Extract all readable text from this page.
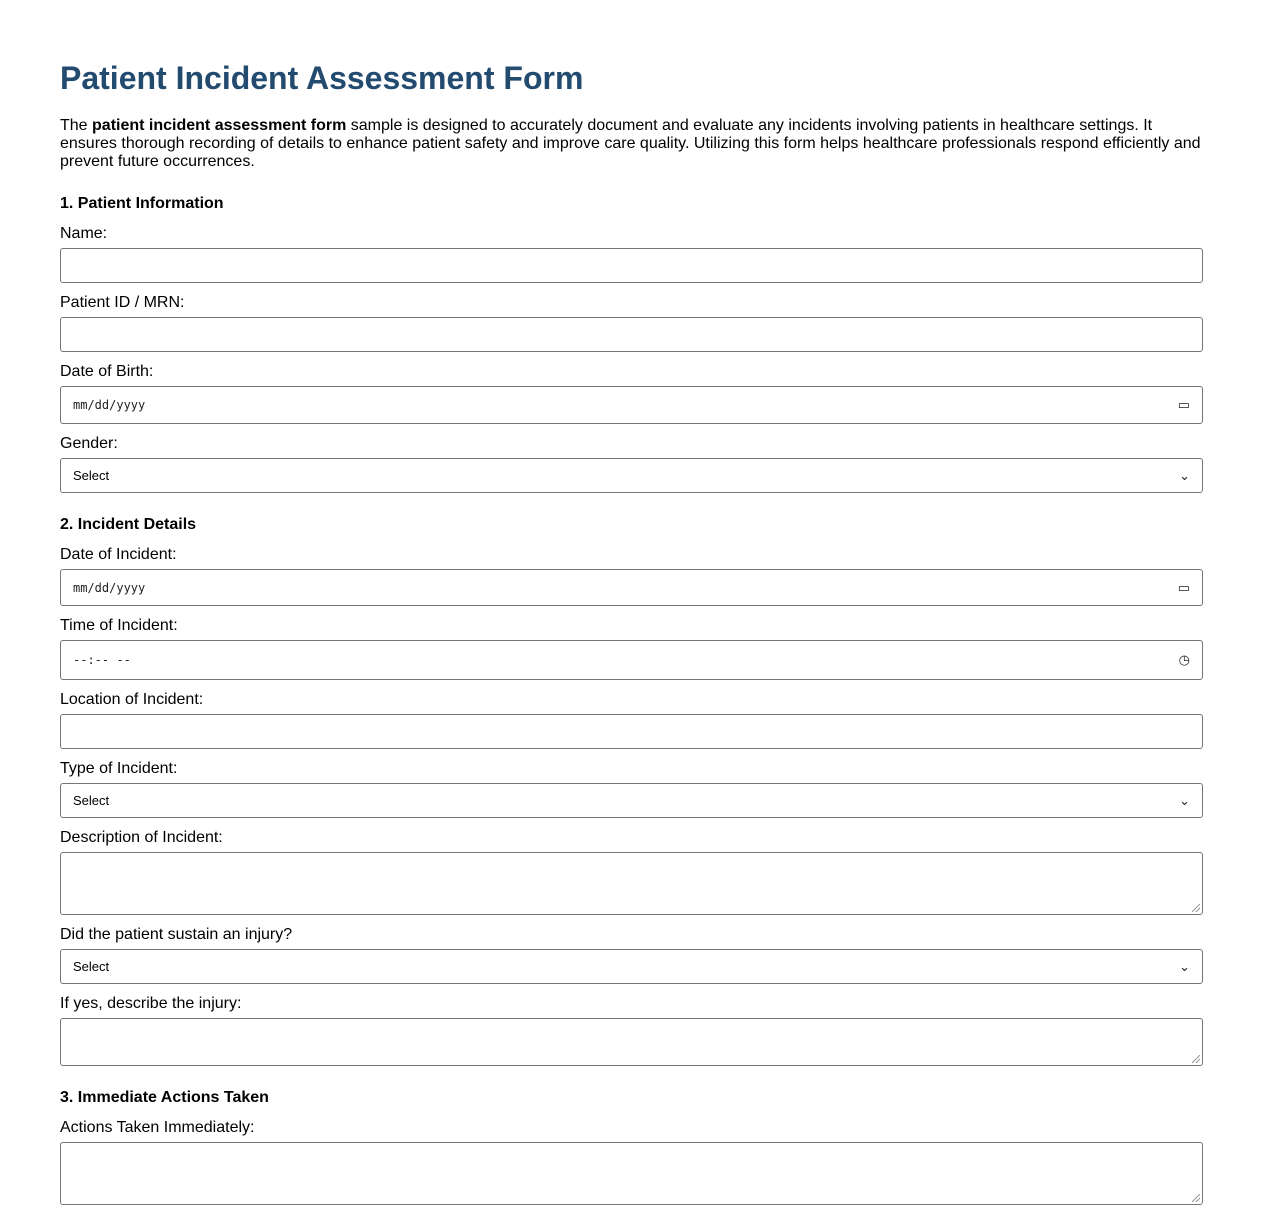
Patient Incident Assessment Form

The patient incident assessment form sample is designed to accurately document and evaluate any incidents involving patients in healthcare settings. It ensures thorough recording of details to enhance patient safety and improve care quality. Utilizing this form helps healthcare professionals respond efficiently and prevent future occurrences.

1. Patient Information
Name:
Patient ID / MRN:
Date of Birth:
mm/dd/yyyy	▭
Gender:
Select	⌄
2. Incident Details
Date of Incident:
mm/dd/yyyy	▭
Time of Incident:
--:-- --	◷
Location of Incident:
Type of Incident:
Select	⌄
Description of Incident:
Did the patient sustain an injury?
Select	⌄
If yes, describe the injury:
3. Immediate Actions Taken
Actions Taken Immediately:
